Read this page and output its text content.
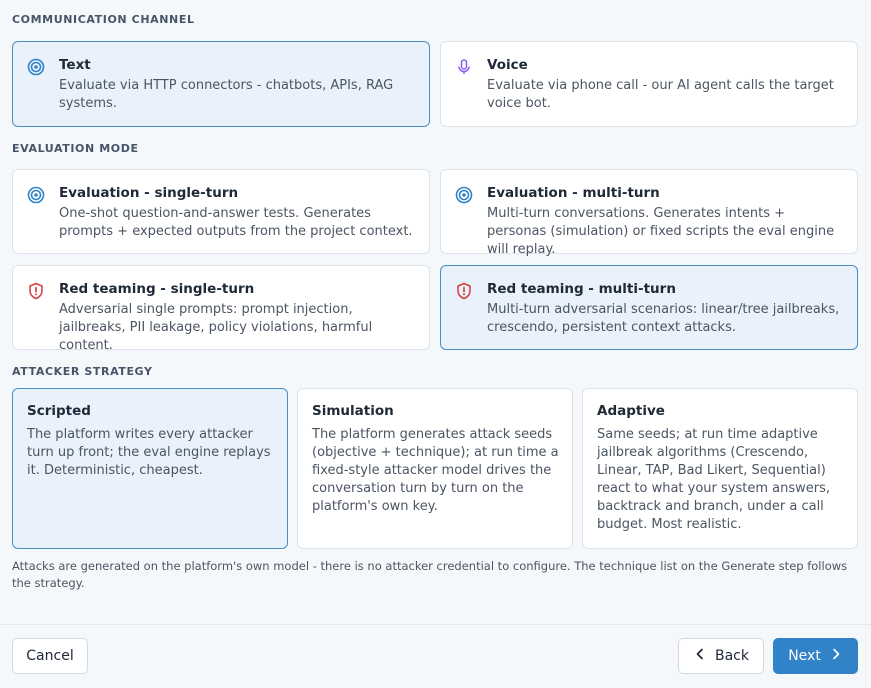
COMMUNICATION CHANNEL
Text
Evaluate via HTTP connectors - chatbots, APIs, RAG systems.
Voice
Evaluate via phone call - our AI agent calls the target voice bot.
EVALUATION MODE
Evaluation - single-turn
One-shot question-and-answer tests. Generates prompts + expected outputs from the project context.
Evaluation - multi-turn
Multi-turn conversations. Generates intents + personas (simulation) or fixed scripts the eval engine will replay.
Red teaming - single-turn
Adversarial single prompts: prompt injection, jailbreaks, PII leakage, policy violations, harmful content.
Red teaming - multi-turn
Multi-turn adversarial scenarios: linear/tree jailbreaks, crescendo, persistent context attacks.
ATTACKER STRATEGY
Scripted
The platform writes every attacker turn up front; the eval engine replays it. Deterministic, cheapest.
Simulation
The platform generates attack seeds (objective + technique); at run time a fixed-style attacker model drives the conversation turn by turn on the platform's own key.
Adaptive
Same seeds; at run time adaptive jailbreak algorithms (Crescendo, Linear, TAP, Bad Likert, Sequential) react to what your system answers, backtrack and branch, under a call budget. Most realistic.
Attacks are generated on the platform's own model - there is no attacker credential to configure. The technique list on the Generate step follows the strategy.
Cancel	Back	Next
